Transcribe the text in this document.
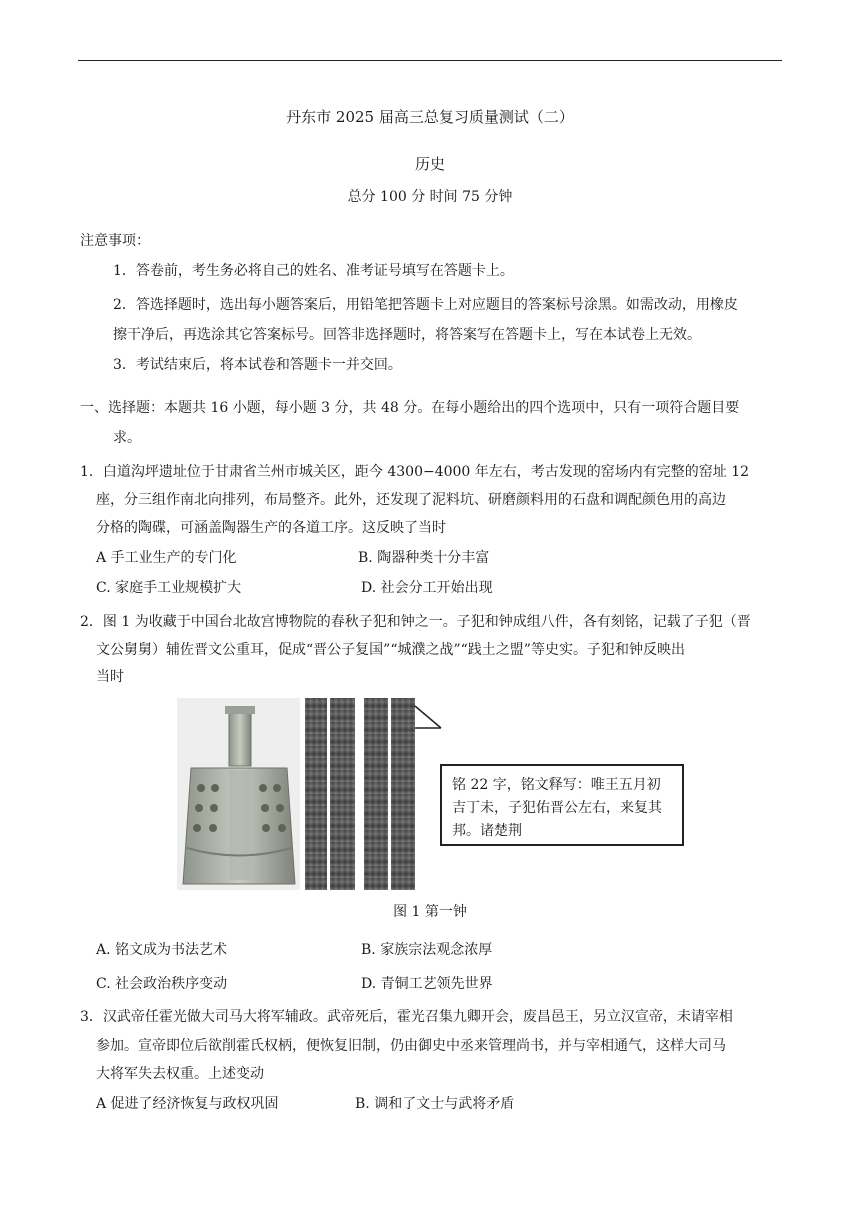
丹东市 2025 届高三总复习质量测试（二）
历史
总分 100 分 时间 75 分钟
注意事项：
1．答卷前，考生务必将自己的姓名、准考证号填写在答题卡上。
2．答选择题时，选出每小题答案后，用铅笔把答题卡上对应题目的答案标号涂黑。如需改动，用橡皮
擦干净后，再选涂其它答案标号。回答非选择题时，将答案写在答题卡上，写在本试卷上无效。
3．考试结束后，将本试卷和答题卡一并交回。
一、选择题：本题共 16 小题，每小题 3 分，共 48 分。在每小题给出的四个选项中，只有一项符合题目要
求。
1．白道沟坪遗址位于甘肃省兰州市城关区，距今 4300−4000 年左右，考古发现的窑场内有完整的窑址 12
座，分三组作南北向排列，布局整齐。此外，还发现了泥料坑、研磨颜料用的石盘和调配颜色用的高边
分格的陶碟，可涵盖陶器生产的各道工序。这反映了当时
A 手工业生产的专门化	B. 陶器种类十分丰富
C. 家庭手工业规模扩大	D. 社会分工开始出现
2．图 1 为收藏于中国台北故宫博物院的春秋子犯和钟之一。子犯和钟成组八件，各有刻铭，记载了子犯（晋
文公舅舅）辅佐晋文公重耳，促成“晋公子复国”“城濮之战”“践土之盟”等史实。子犯和钟反映出
当时
铭 22 字，铭文释写：唯王五月初吉丁未，子犯佑晋公左右，来复其邦。诸楚荆
图 1 第一钟
A. 铭文成为书法艺术	B. 家族宗法观念浓厚
C. 社会政治秩序变动	D. 青铜工艺领先世界
3．汉武帝任霍光做大司马大将军辅政。武帝死后，霍光召集九卿开会，废昌邑王，另立汉宣帝，未请宰相
参加。宣帝即位后欲削霍氏权柄，便恢复旧制，仍由御史中丞来管理尚书，并与宰相通气，这样大司马
大将军失去权重。上述变动
A 促进了经济恢复与政权巩固	B. 调和了文士与武将矛盾
